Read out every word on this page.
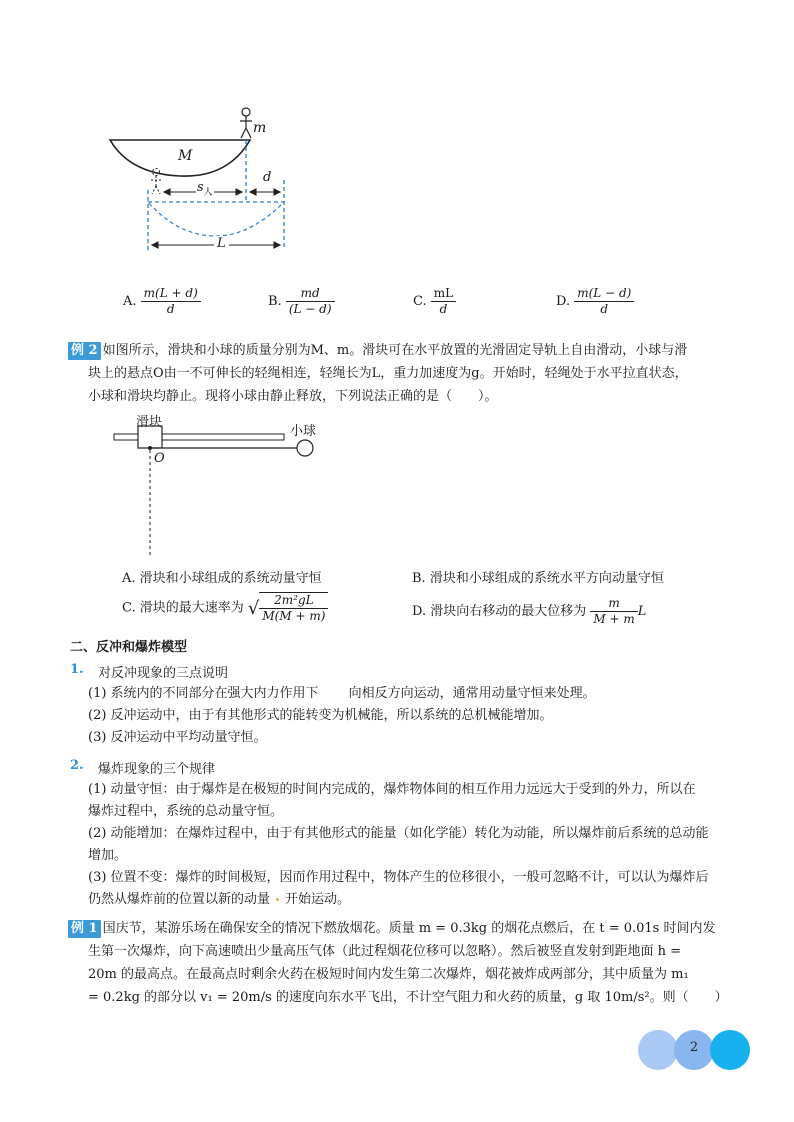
m
M
$s_人$
d
L
A. $\frac{m(L + d)}{d}$	B. $\frac{md}{(L - d)}$	C. $\frac{mL}{d}$	D. $\frac{m(L - d)}{d}$
例 2 如图所示，滑块和小球的质量分别为M、m。滑块可在水平放置的光滑固定导轨上自由滑动，小球与滑
块上的悬点O由一不可伸长的轻绳相连，轻绳长为L，重力加速度为g。开始时，轻绳处于水平拉直状态，
小球和滑块均静止。现将小球由静止释放，下列说法正确的是（　　）。
滑块
小球
O
A. 滑块和小球组成的系统动量守恒	B. 滑块和小球组成的系统水平方向动量守恒
C. 滑块的最大速率为 √ $\frac{\text{2m²gL}}{M(M + m)}$	D. 滑块向右移动的最大位移为 $\frac{m}{M + m}$ L
二、反冲和爆炸模型
1. 对反冲现象的三点说明
(1) 系统内的不同部分在强大内力作用下 向相反方向运动，通常用动量守恒来处理。
(2) 反冲运动中，由于有其他形式的能转变为机械能，所以系统的总机械能增加。
(3) 反冲运动中平均动量守恒。
2. 爆炸现象的三个规律
(1) 动量守恒：由于爆炸是在极短的时间内完成的，爆炸物体间的相互作用力远远大于受到的外力，所以在
爆炸过程中，系统的总动量守恒。
(2) 动能增加：在爆炸过程中，由于有其他形式的能量（如化学能）转化为动能，所以爆炸前后系统的总动能
增加。
(3) 位置不变：爆炸的时间极短，因而作用过程中，物体产生的位移很小，一般可忽略不计，可以认为爆炸后
仍然从爆炸前的位置以新的动量 开始运动。
例 1 国庆节，某游乐场在确保安全的情况下燃放烟花。质量 m = 0.3kg 的烟花点燃后，在 t = 0.01s 时间内发
生第一次爆炸，向下高速喷出少量高压气体（此过程烟花位移可以忽略）。然后被竖直发射到距地面 h =
20m 的最高点。在最高点时剩余火药在极短时间内发生第二次爆炸，烟花被炸成两部分，其中质量为 m₁
= 0.2kg 的部分以 v₁ = 20m/s 的速度向东水平飞出，不计空气阻力和火药的质量，g 取 10m/s²。则（　　）
2
